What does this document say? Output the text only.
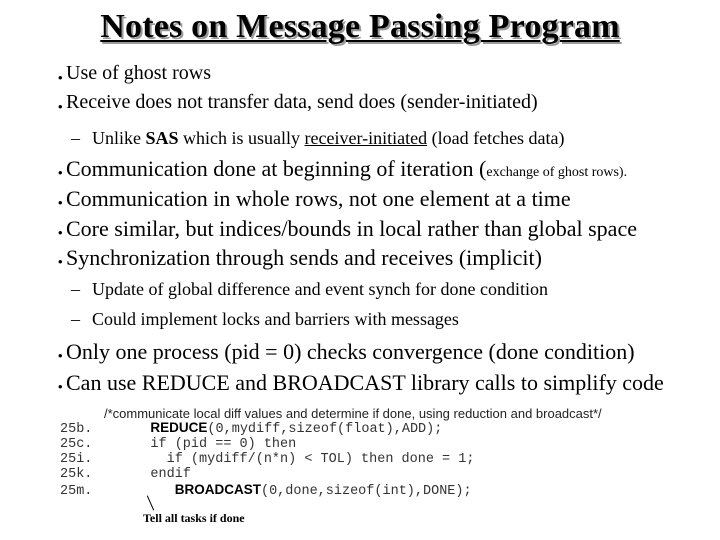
Notes on Message Passing Program
• Use of ghost rows
• Receive does not transfer data, send does (sender-initiated)
– Unlike SAS which is usually receiver-initiated (load fetches data)
• Communication done at beginning of iteration (exchange of ghost rows).
• Communication in whole rows, not one element at a time
• Core similar, but indices/bounds in local rather than global space
• Synchronization through sends and receives (implicit)
– Update of global difference and event synch for done condition
– Could implement locks and barriers with messages
• Only one process (pid = 0) checks convergence (done condition)
• Can use REDUCE and BROADCAST library calls to simplify code
/*communicate local diff values and determine if done, using reduction and broadcast*/
25b.	REDUCE(0,mydiff,sizeof(float),ADD);
25c.	if (pid == 0) then
25i.	if (mydiff/(n*n) < TOL) then done = 1;
25k.	endif
25m.	BROADCAST(0,done,sizeof(int),DONE);
Tell all tasks if done
